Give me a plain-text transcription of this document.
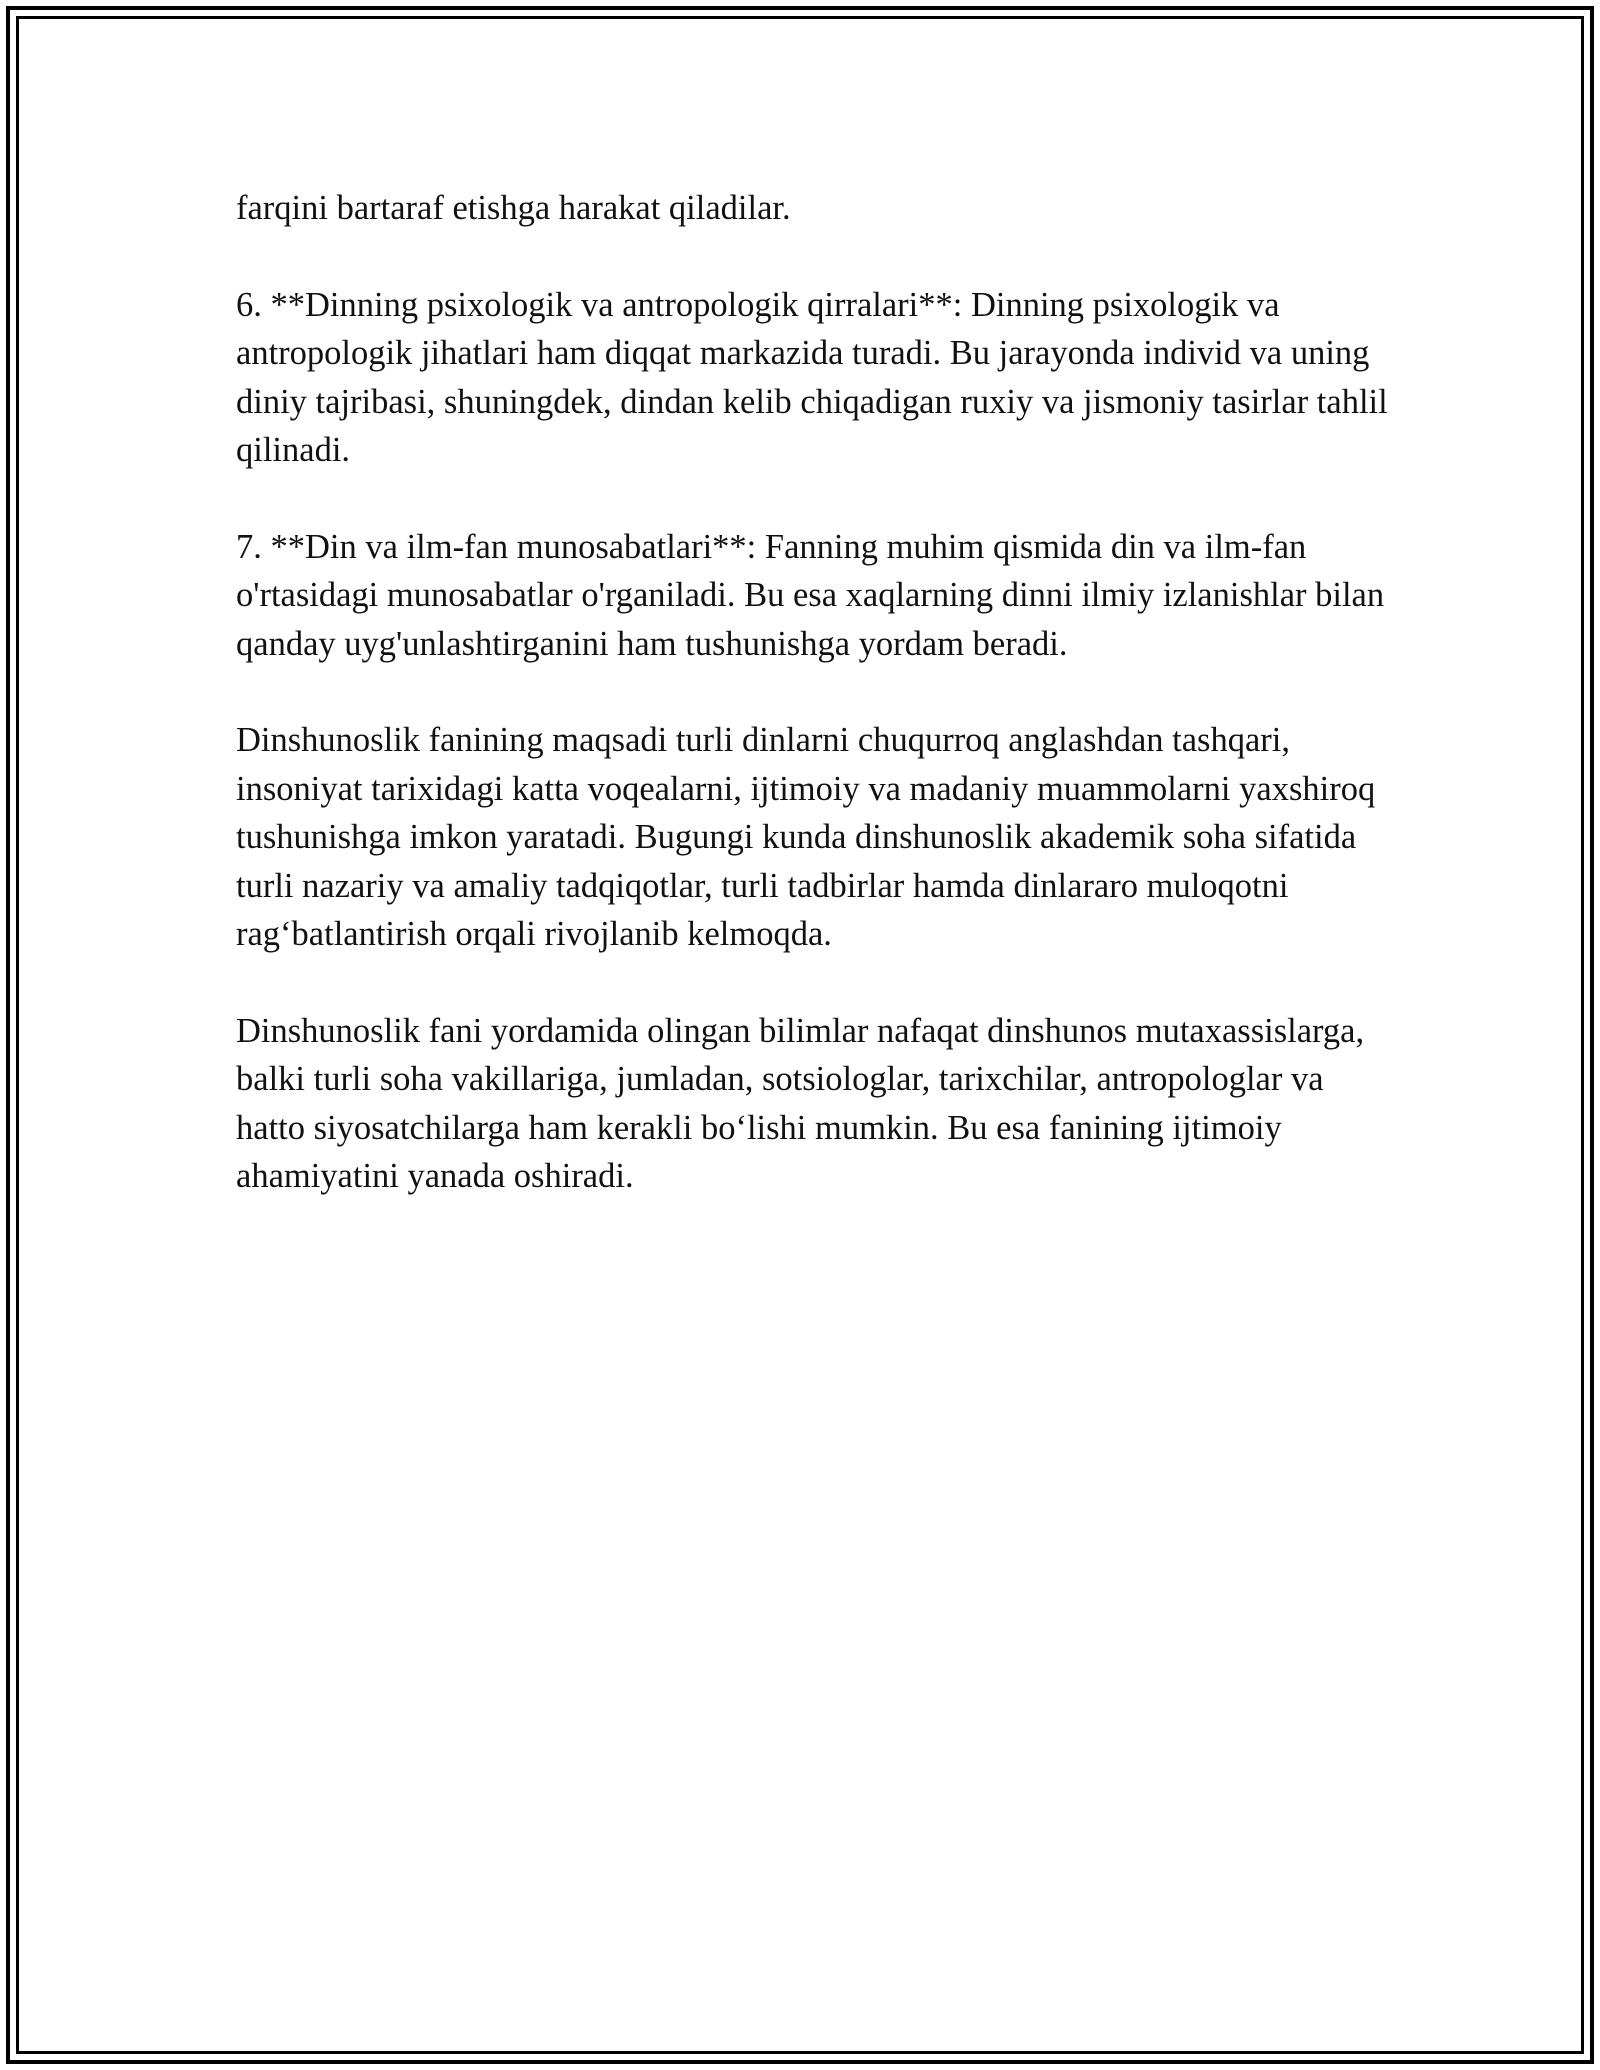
farqini bartaraf etishga harakat qiladilar.

6. **Dinning psixologik va antropologik qirralari**: Dinning psixologik va antropologik jihatlari ham diqqat markazida turadi. Bu jarayonda individ va uning diniy tajribasi, shuningdek, dindan kelib chiqadigan ruxiy va jismoniy tasirlar tahlil qilinadi.

7. **Din va ilm-fan munosabatlari**: Fanning muhim qismida din va ilm-fan o'rtasidagi munosabatlar o'rganiladi. Bu esa xaqlarning dinni ilmiy izlanishlar bilan qanday uyg'unlashtirganini ham tushunishga yordam beradi.

Dinshunoslik fanining maqsadi turli dinlarni chuqurroq anglashdan tashqari, insoniyat tarixidagi katta voqealarni, ijtimoiy va madaniy muammolarni yaxshiroq tushunishga imkon yaratadi. Bugungi kunda dinshunoslik akademik soha sifatida turli nazariy va amaliy tadqiqotlar, turli tadbirlar hamda dinlararo muloqotni rag‘batlantirish orqali rivojlanib kelmoqda.

Dinshunoslik fani yordamida olingan bilimlar nafaqat dinshunos mutaxassislarga, balki turli soha vakillariga, jumladan, sotsiologlar, tarixchilar, antropologlar va hatto siyosatchilarga ham kerakli bo‘lishi mumkin. Bu esa fanining ijtimoiy ahamiyatini yanada oshiradi.
